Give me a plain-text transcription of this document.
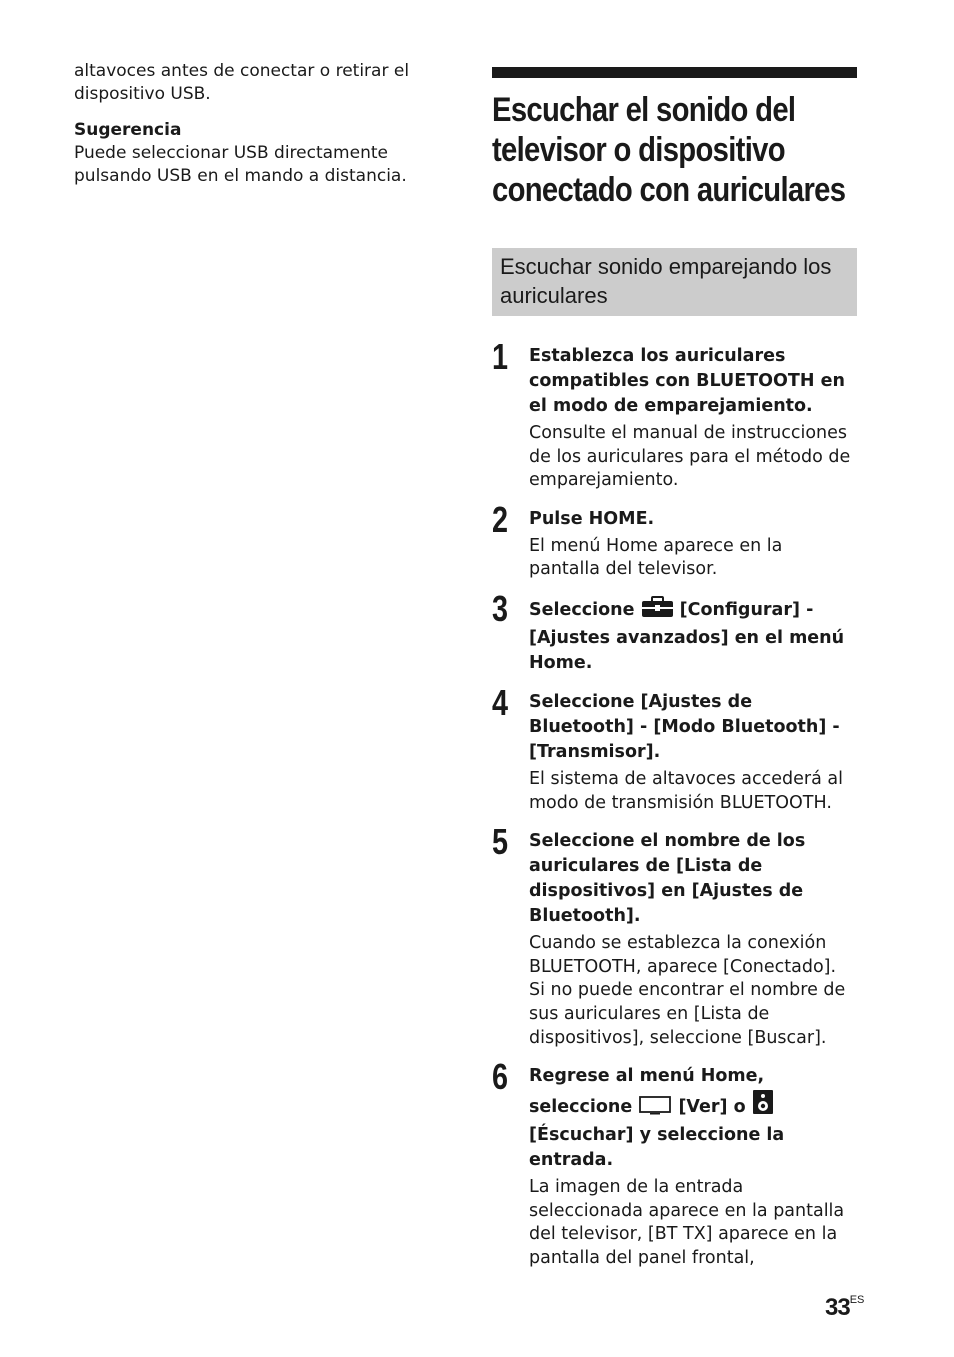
altavoces antes de conectar o retirar el dispositivo USB.

Sugerencia

Puede seleccionar USB directamente pulsando USB en el mando a distancia.

Escuchar el sonido del televisor o dispositivo conectado con auriculares
Escuchar sonido emparejando los auriculares
1 Establezca los auriculares compatibles con BLUETOOTH en el modo de emparejamiento.

Consulte el manual de instrucciones de los auriculares para el método de emparejamiento.

2 Pulse HOME.

El menú Home aparece en la pantalla del televisor.

3 Seleccione	[Configurar] - [Ajustes avanzados] en el menú Home.

4 Seleccione [Ajustes de Bluetooth] - [Modo Bluetooth] - [Transmisor].

El sistema de altavoces accederá al modo de transmisión BLUETOOTH.

5 Seleccione el nombre de los auriculares de [Lista de dispositivos] en [Ajustes de Bluetooth].

Cuando se establezca la conexión BLUETOOTH, aparece [Conectado]. Si no puede encontrar el nombre de sus auriculares en [Lista de dispositivos], seleccione [Buscar].

6 Regrese al menú Home, seleccione	[Ver] o  [Éscuchar] y seleccione la entrada.

La imagen de la entrada seleccionada aparece en la pantalla del televisor, [BT TX] aparece en la pantalla del panel frontal,

$33^{ES}$
